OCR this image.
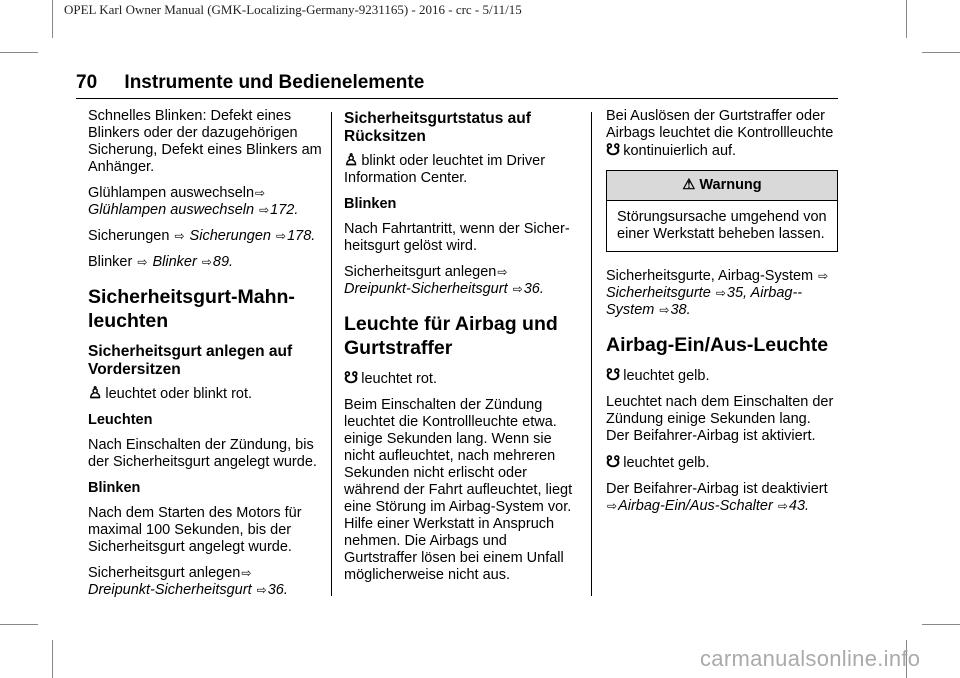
OPEL Karl Owner Manual (GMK-Localizing-Germany-9231165) - 2016 - crc - 5/11/15
70 Instrumente und Bedienelemente

Schnelles Blinken: Defekt eines Blinkers oder der dazugehörigen Sicherung, Defekt eines Blinkers am Anhänger.

Glühlampen auswechseln⇨
Glühlampen auswechseln ⇨172.

Sicherungen ⇨ Sicherungen ⇨178.

Blinker ⇨ Blinker ⇨89.

Sicherheitsgurt-Mahn-leuchten
Sicherheitsgurt anlegen auf Vordersitzen

♙ leuchtet oder blinkt rot.

Leuchten

Nach Einschalten der Zündung, bis der Sicherheitsgurt angelegt wurde.

Blinken

Nach dem Starten des Motors für maximal 100 Sekunden, bis der Sicherheitsgurt angelegt wurde.

Sicherheitsgurt anlegen⇨
Dreipunkt-Sicherheitsgurt ⇨36.

Sicherheitsgurtstatus auf Rücksitzen

♙ blinkt oder leuchtet im Driver Information Center.

Blinken

Nach Fahrtantritt, wenn der Sicher-heitsgurt gelöst wird.

Sicherheitsgurt anlegen⇨
Dreipunkt-Sicherheitsgurt ⇨36.

Leuchte für Airbag und Gurtstraffer

☋ leuchtet rot.

Beim Einschalten der Zündung leuchtet die Kontrollleuchte etwa. einige Sekunden lang. Wenn sie nicht aufleuchtet, nach mehreren Sekunden nicht erlischt oder während der Fahrt aufleuchtet, liegt eine Störung im Airbag-System vor. Hilfe einer Werkstatt in Anspruch nehmen. Die Airbags und Gurtstraffer lösen bei einem Unfall möglicherweise nicht aus.

Bei Auslösen der Gurtstraffer oder Airbags leuchtet die Kontrollleuchte
☋ kontinuierlich auf.

⚠ Warnung
Störungsursache umgehend von einer Werkstatt beheben lassen.

Sicherheitsgurte, Airbag-System ⇨
Sicherheitsgurte ⇨35, Airbag--System ⇨38.

Airbag-Ein/Aus-Leuchte

☋ leuchtet gelb.

Leuchtet nach dem Einschalten der Zündung einige Sekunden lang. Der Beifahrer-Airbag ist aktiviert.

☋ leuchtet gelb.

Der Beifahrer-Airbag ist deaktiviert
⇨Airbag-Ein/Aus-Schalter ⇨43.

carmanualsonline.info
